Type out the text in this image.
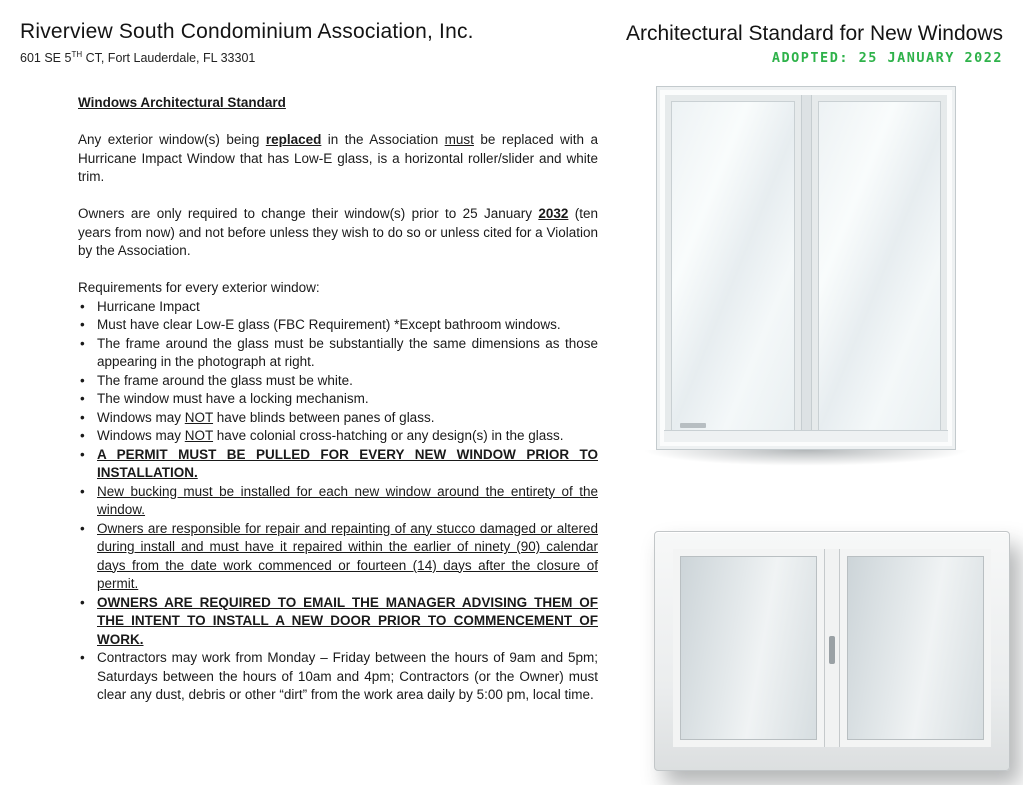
Riverview South Condominium Association, Inc.
601 SE 5TH CT, Fort Lauderdale, FL 33301
Architectural Standard for New Windows
ADOPTED: 25 JANUARY 2022

Windows Architectural Standard

Any exterior window(s) being replaced in the Association must be replaced with a Hurricane Impact Window that has Low-E glass, is a horizontal roller/slider and white trim.

Owners are only required to change their window(s) prior to 25 January 2032 (ten years from now) and not before unless they wish to do so or unless cited for a Violation by the Association.

Requirements for every exterior window:

• Hurricane Impact
• Must have clear Low-E glass (FBC Requirement) *Except bathroom windows.
• The frame around the glass must be substantially the same dimensions as those appearing in the photograph at right.
• The frame around the glass must be white.
• The window must have a locking mechanism.
• Windows may NOT have blinds between panes of glass.
• Windows may NOT have colonial cross-hatching or any design(s) in the glass.
• A PERMIT MUST BE PULLED FOR EVERY NEW WINDOW PRIOR TO INSTALLATION.
• New bucking must be installed for each new window around the entirety of the window.
• Owners are responsible for repair and repainting of any stucco damaged or altered during install and must have it repaired within the earlier of ninety (90) calendar days from the date work commenced or fourteen (14) days after the closure of permit.
• OWNERS ARE REQUIRED TO EMAIL THE MANAGER ADVISING THEM OF THE INTENT TO INSTALL A NEW DOOR PRIOR TO COMMENCEMENT OF WORK.
• Contractors may work from Monday – Friday between the hours of 9am and 5pm; Saturdays between the hours of 10am and 4pm; Contractors (or the Owner) must clear any dust, debris or other “dirt” from the work area daily by 5:00 pm, local time.
